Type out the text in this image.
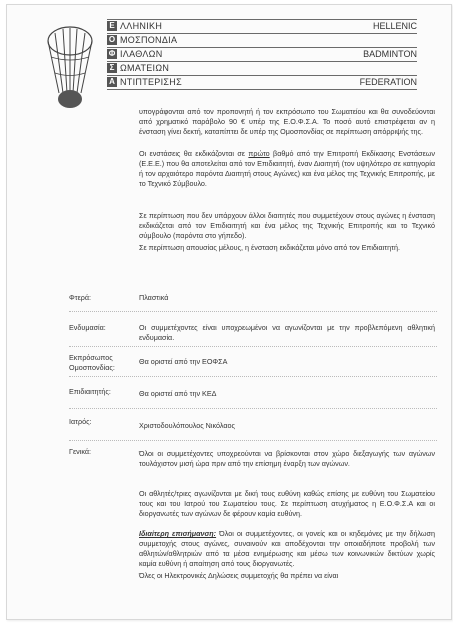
Ε ΛΛΗΝΙΚΗ	HELLENIC
Ο ΜΟΣΠΟΝΔΙΑ
Φ ΙΛΑΘΛΩΝ	BADMINTON
Σ ΩΜΑΤΕΙΩΝ
Α ΝΤΙΠΤΕΡΙΣΗΣ	FEDERATION

υπογράφονται από τον προπονητή ή τον εκπρόσωπο του Σωματείου και θα συνοδεύονται από χρηματικό παράβολο 90 € υπέρ της Ε.Ο.Φ.Σ.Α. Το ποσό αυτό επιστρέφεται αν η ένσταση γίνει δεκτή, καταπίπτει δε υπέρ της Ομοσπονδίας σε περίπτωση απόρριψής της.

Οι ενστάσεις θα εκδικάζονται σε πρώτο βαθμό από την Επιτροπή Εκδίκασης Ενστάσεων (Ε.Ε.Ε.) που θα αποτελείται από τον Επιδιαιτητή, έναν Διαιτητή (τον υψηλότερο σε κατηγορία ή τον αρχαιότερο παρόντα Διαιτητή στους Αγώνες) και ένα μέλος της Τεχνικής Επιτροπής, με το Τεχνικό Σύμβουλο.

Σε περίπτωση που δεν υπάρχουν άλλοι διαιτητές που συμμετέχουν στους αγώνες η ένσταση εκδικάζεται από τον Επιδιαιτητή και ένα μέλος της Τεχνικής Επιτροπής και το Τεχνικό σύμβουλο (παρόντα στο γήπεδο).

Σε περίπτωση απουσίας μέλους, η ένσταση εκδικάζεται μόνο από τον Επιδιαιτητή.

Φτερά:	Πλαστικά
Ενδυμασία:	Οι συμμετέχοντες είναι υποχρεωμένοι να αγωνίζονται με την προβλεπόμενη αθλητική ενδυμασία.
Εκπρόσωπος Ομοσπονδίας:
Θα οριστεί από την ΕΟΦΣΑ
Επιδιαιτητής:	Θα οριστεί από την ΚΕΔ
Ιατρός:	Χριστοδουλόπουλος Νικόλαος
Γενικά:	Όλοι οι συμμετέχοντες υποχρεούνται να βρίσκονται στον χώρο διεξαγωγής των αγώνων τουλάχιστον μισή ώρα πριν από την επίσημη έναρξη των αγώνων.

Οι αθλητές/τριες αγωνίζονται με δική τους ευθύνη καθώς επίσης με ευθύνη του Σωματείου τους και του Ιατρού του Σωματείου τους. Σε περίπτωση ατυχήματος η Ε.Ο.Φ.Σ.Α και οι διοργανωτές των αγώνων δε φέρουν καμία ευθύνη.

Ιδιαίτερη επισήμανση: Όλοι οι συμμετέχοντες, οι γονείς και οι κηδεμόνες με την δήλωση συμμετοχής στους αγώνες, συναινούν και αποδέχονται την οποιαδήποτε προβολή των αθλητών/αθλητριών από τα μέσα ενημέρωσης και μέσω των κοινωνικών δικτύων χωρίς καμία ευθύνη ή απαίτηση από τους διοργανωτές.

Όλες οι Ηλεκτρονικές Δηλώσεις συμμετοχής θα πρέπει να είναι
